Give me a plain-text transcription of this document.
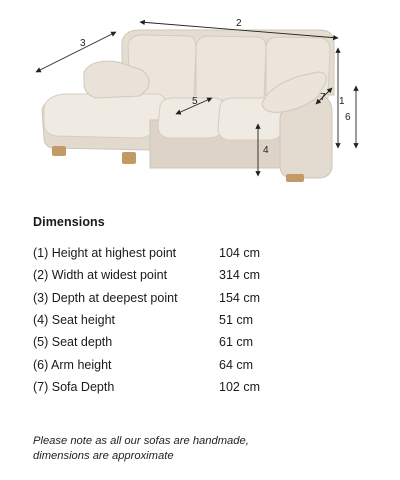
2
3
1
6
4
5	7
Dimensions
(1) Height at highest point	104 cm
(2) Width at widest point	314 cm
(3) Depth at deepest point	154 cm
(4) Seat height	51 cm
(5) Seat depth	61 cm
(6) Arm height	64 cm
(7) Sofa Depth	102 cm
Please note as all our sofas are handmade,
dimensions are approximate
